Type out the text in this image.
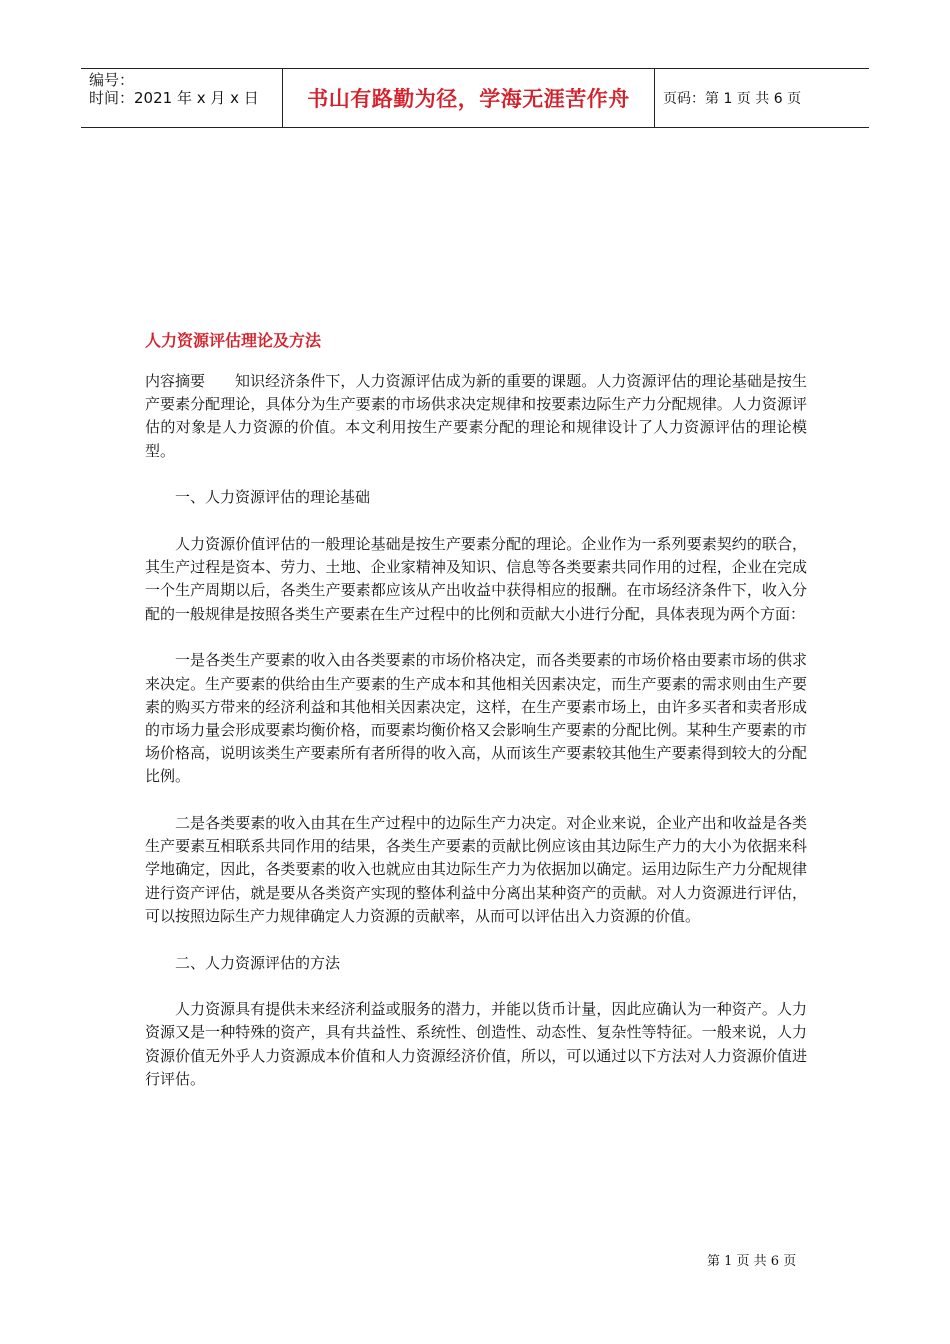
编号：
时间：2021 年 x 月 x 日	书山有路勤为径，学海无涯苦作舟 页码：第 1 页 共 6 页
人力资源评估理论及方法

内容摘要 知识经济条件下，人力资源评估成为新的重要的课题。人力资源评估的理论基础是按生产要素分配理论，具体分为生产要素的市场供求决定规律和按要素边际生产力分配规律。人力资源评估的对象是人力资源的价值。本文利用按生产要素分配的理论和规律设计了人力资源评估的理论模型。

一、人力资源评估的理论基础

人力资源价值评估的一般理论基础是按生产要素分配的理论。企业作为一系列要素契约的联合，其生产过程是资本、劳力、土地、企业家精神及知识、信息等各类要素共同作用的过程，企业在完成一个生产周期以后，各类生产要素都应该从产出收益中获得相应的报酬。在市场经济条件下，收入分配的一般规律是按照各类生产要素在生产过程中的比例和贡献大小进行分配，具体表现为两个方面：

一是各类生产要素的收入由各类要素的市场价格决定，而各类要素的市场价格由要素市场的供求来决定。生产要素的供给由生产要素的生产成本和其他相关因素决定，而生产要素的需求则由生产要素的购买方带来的经济利益和其他相关因素决定，这样，在生产要素市场上，由许多买者和卖者形成的市场力量会形成要素均衡价格，而要素均衡价格又会影响生产要素的分配比例。某种生产要素的市场价格高，说明该类生产要素所有者所得的收入高，从而该生产要素较其他生产要素得到较大的分配比例。

二是各类要素的收入由其在生产过程中的边际生产力决定。对企业来说，企业产出和收益是各类生产要素互相联系共同作用的结果，各类生产要素的贡献比例应该由其边际生产力的大小为依据来科学地确定，因此，各类要素的收入也就应由其边际生产力为依据加以确定。运用边际生产力分配规律进行资产评估，就是要从各类资产实现的整体利益中分离出某种资产的贡献。对人力资源进行评估，可以按照边际生产力规律确定人力资源的贡献率，从而可以评估出入力资源的价值。

二、人力资源评估的方法

人力资源具有提供未来经济利益或服务的潜力，并能以货币计量，因此应确认为一种资产。人力资源又是一种特殊的资产，具有共益性、系统性、创造性、动态性、复杂性等特征。一般来说，人力资源价值无外乎人力资源成本价值和人力资源经济价值，所以，可以通过以下方法对人力资源价值进行评估。

第 1 页 共 6 页
